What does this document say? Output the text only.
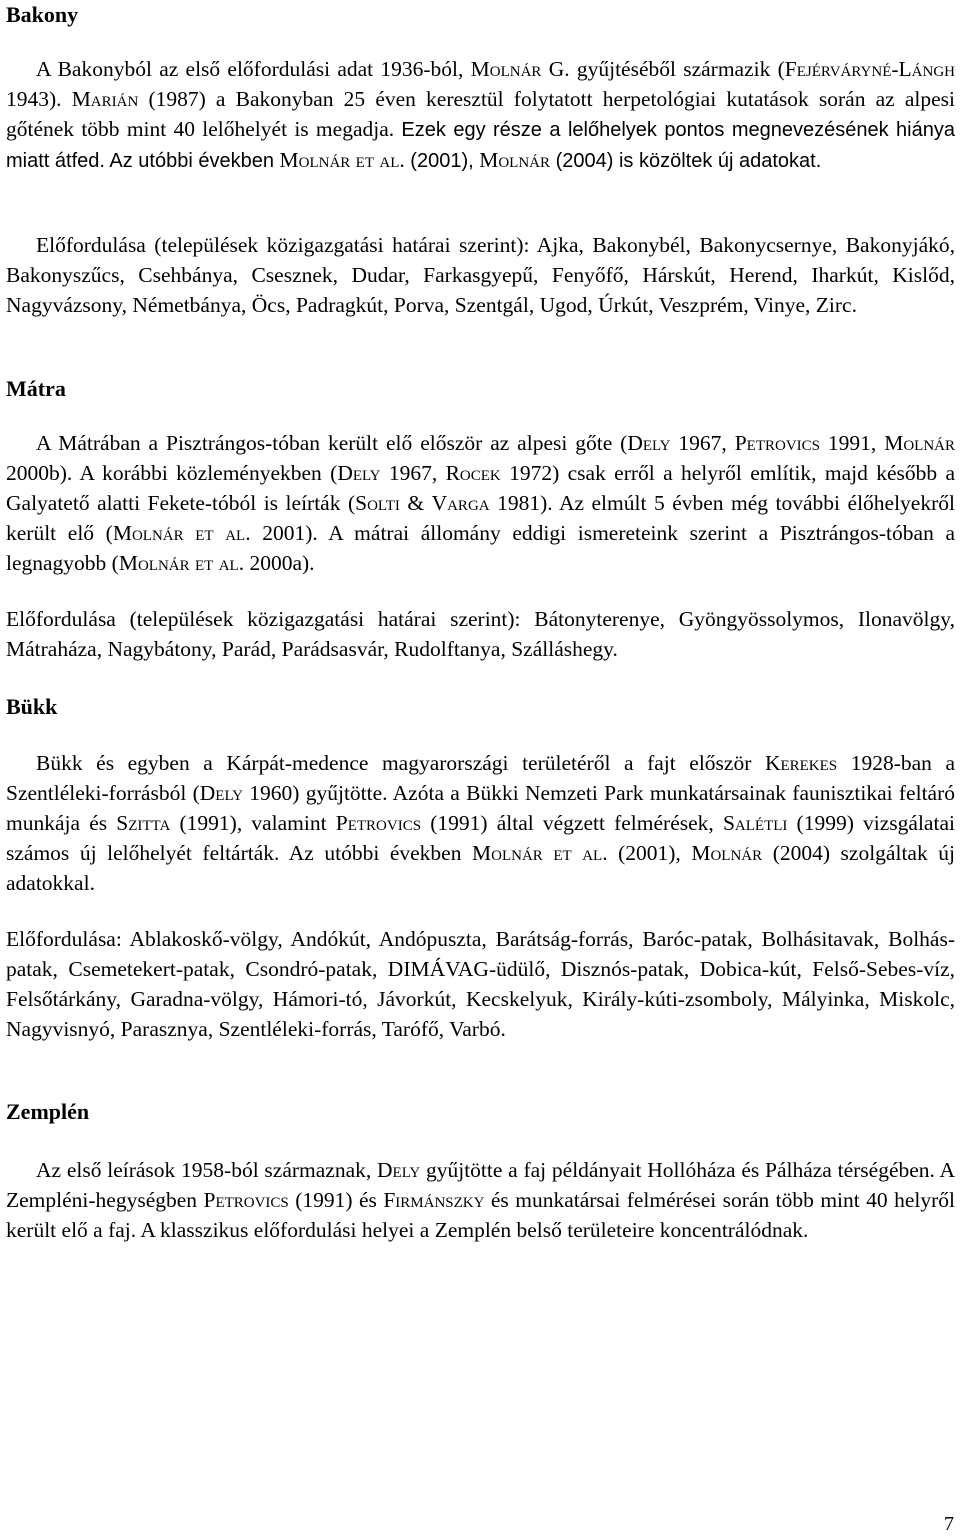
Bakony

A Bakonyból az első előfordulási adat 1936-ból, Molnár G. gyűjtéséből származik (Fejérváryné-Lángh 1943). Marián (1987) a Bakonyban 25 éven keresztül folytatott herpetológiai kutatások során az alpesi gőtének több mint 40 lelőhelyét is megadja. Ezek egy része a lelőhelyek pontos megnevezésének hiánya miatt átfed. Az utóbbi években Molnár et al. (2001), Molnár (2004) is közöltek új adatokat.

Előfordulása (települések közigazgatási határai szerint): Ajka, Bakonybél, Bakonycsernye, Bakonyjákó, Bakonyszűcs, Csehbánya, Csesznek, Dudar, Farkasgyepű, Fenyőfő, Hárskút, Herend, Iharkút, Kislőd, Nagyvázsony, Németbánya, Öcs, Padragkút, Porva, Szentgál, Ugod, Úrkút, Veszprém, Vinye, Zirc.

Mátra

A Mátrában a Pisztrángos-tóban került elő először az alpesi gőte (Dely 1967, Petrovics 1991, Molnár 2000b). A korábbi közleményekben (Dely 1967, Rocek 1972) csak erről a helyről említik, majd később a Galyatető alatti Fekete-tóból is leírták (Solti & Varga 1981). Az elmúlt 5 évben még további élőhelyekről került elő (Molnár et al. 2001). A mátrai állomány eddigi ismereteink szerint a Pisztrángos-tóban a legnagyobb (Molnár et al. 2000a).

Előfordulása (települések közigazgatási határai szerint): Bátonyterenye, Gyöngyössolymos, Ilonavölgy, Mátraháza, Nagybátony, Parád, Parádsasvár, Rudolftanya, Szálláshegy.

Bükk

Bükk és egyben a Kárpát-medence magyarországi területéről a fajt először Kerekes 1928-ban a Szentléleki-forrásból (Dely 1960) gyűjtötte. Azóta a Bükki Nemzeti Park munkatársainak faunisztikai feltáró munkája és Szitta (1991), valamint Petrovics (1991) által végzett felmérések, Salétli (1999) vizsgálatai számos új lelőhelyét feltárták. Az utóbbi években Molnár et al. (2001), Molnár (2004) szolgáltak új adatokkal.

Előfordulása: Ablakoskő-völgy, Andókút, Andópuszta, Barátság-forrás, Baróc-patak, Bolhásitavak, Bolhás-patak, Csemetekert-patak, Csondró-patak, DIMÁVAG-üdülő, Disznós-patak, Dobica-kút, Felső-Sebes-víz, Felsőtárkány, Garadna-völgy, Hámori-tó, Jávorkút, Kecskelyuk, Király-kúti-zsomboly, Mályinka, Miskolc, Nagyvisnyó, Parasznya, Szentléleki-forrás, Tarófő, Varbó.

Zemplén

Az első leírások 1958-ból származnak, Dely gyűjtötte a faj példányait Hollóháza és Pálháza térségében. A Zempléni-hegységben Petrovics (1991) és Firmánszky és munkatársai felmérései során több mint 40 helyről került elő a faj. A klasszikus előfordulási helyei a Zemplén belső területeire koncentrálódnak.

7
